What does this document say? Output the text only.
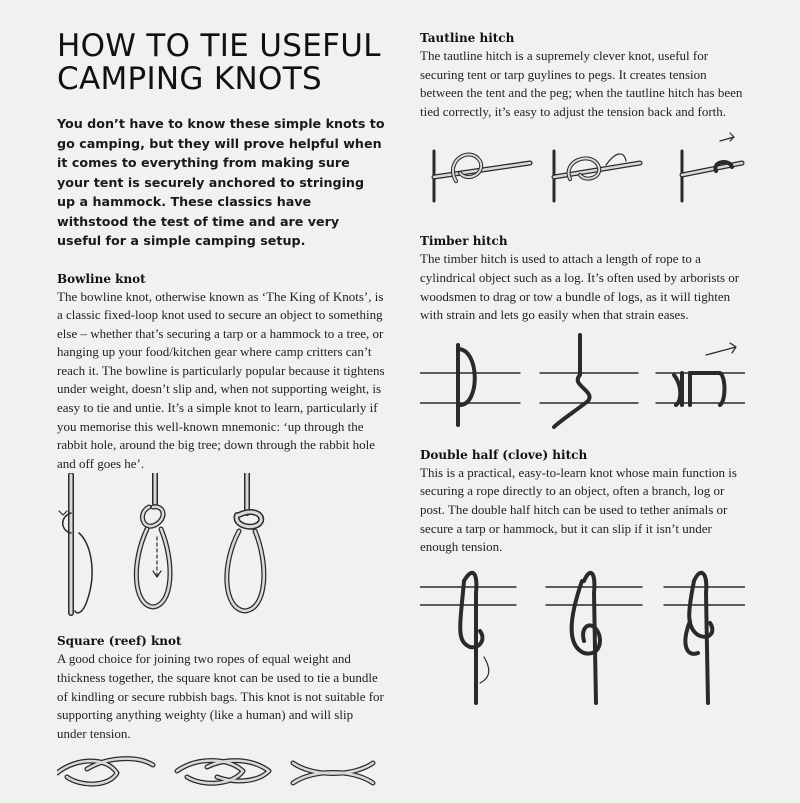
HOW TO TIE USEFUL
CAMPING KNOTS

You don’t have to know these simple knots to go camping, but they will prove helpful when it comes to everything from making sure your tent is securely anchored to stringing up a hammock. These classics have withstood the test of time and are very useful for a simple camping setup.

Bowline knot

The bowline knot, otherwise known as ‘The King of Knots’, is a classic fixed-loop knot used to secure an object to something else – whether that’s securing a tarp or a hammock to a tree, or hanging up your food/kitchen gear where camp critters can’t reach it. The bowline is particularly popular because it tightens under weight, doesn’t slip and, when not supporting weight, is easy to tie and untie. It’s a simple knot to learn, particularly if you memorise this well-known mnemonic: ‘up through the rabbit hole, around the big tree; down through the rabbit hole and off goes he’.

Square (reef) knot

A good choice for joining two ropes of equal weight and thickness together, the square knot can be used to tie a bundle of kindling or secure rubbish bags. This knot is not suitable for supporting anything weighty (like a human) and will slip under tension.

Tautline hitch

The tautline hitch is a supremely clever knot, useful for securing tent or tarp guylines to pegs. It creates tension between the tent and the peg; when the tautline hitch has been tied correctly, it’s easy to adjust the tension back and forth.

Timber hitch

The timber hitch is used to attach a length of rope to a cylindrical object such as a log. It’s often used by arborists or woodsmen to drag or tow a bundle of logs, as it will tighten with strain and lets go easily when that strain eases.

Double half (clove) hitch

This is a practical, easy-to-learn knot whose main function is securing a rope directly to an object, often a branch, log or post. The double half hitch can be used to tether animals or secure a tarp or hammock, but it can slip if it isn’t under enough tension.
